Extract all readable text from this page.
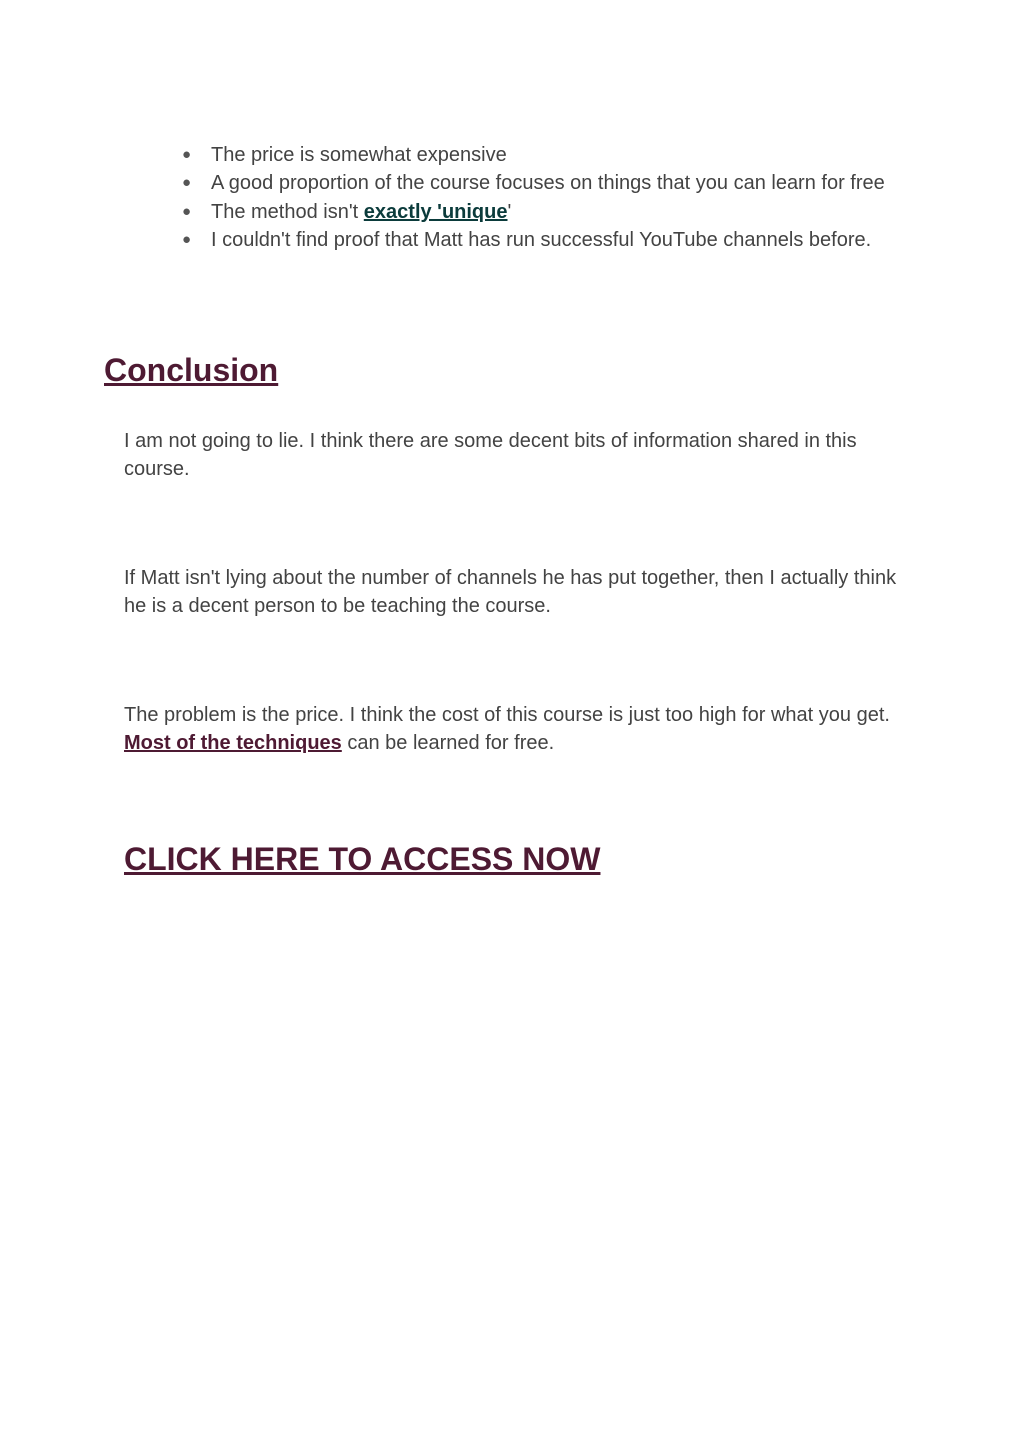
● The price is somewhat expensive
● A good proportion of the course focuses on things that you can learn for free
● The method isn't exactly 'unique'
● I couldn't find proof that Matt has run successful YouTube channels before.
Conclusion

I am not going to lie. I think there are some decent bits of information shared in this course.

If Matt isn't lying about the number of channels he has put together, then I actually think he is a decent person to be teaching the course.

The problem is the price. I think the cost of this course is just too high for what you get. Most of the techniques can be learned for free.

CLICK HERE TO ACCESS NOW
